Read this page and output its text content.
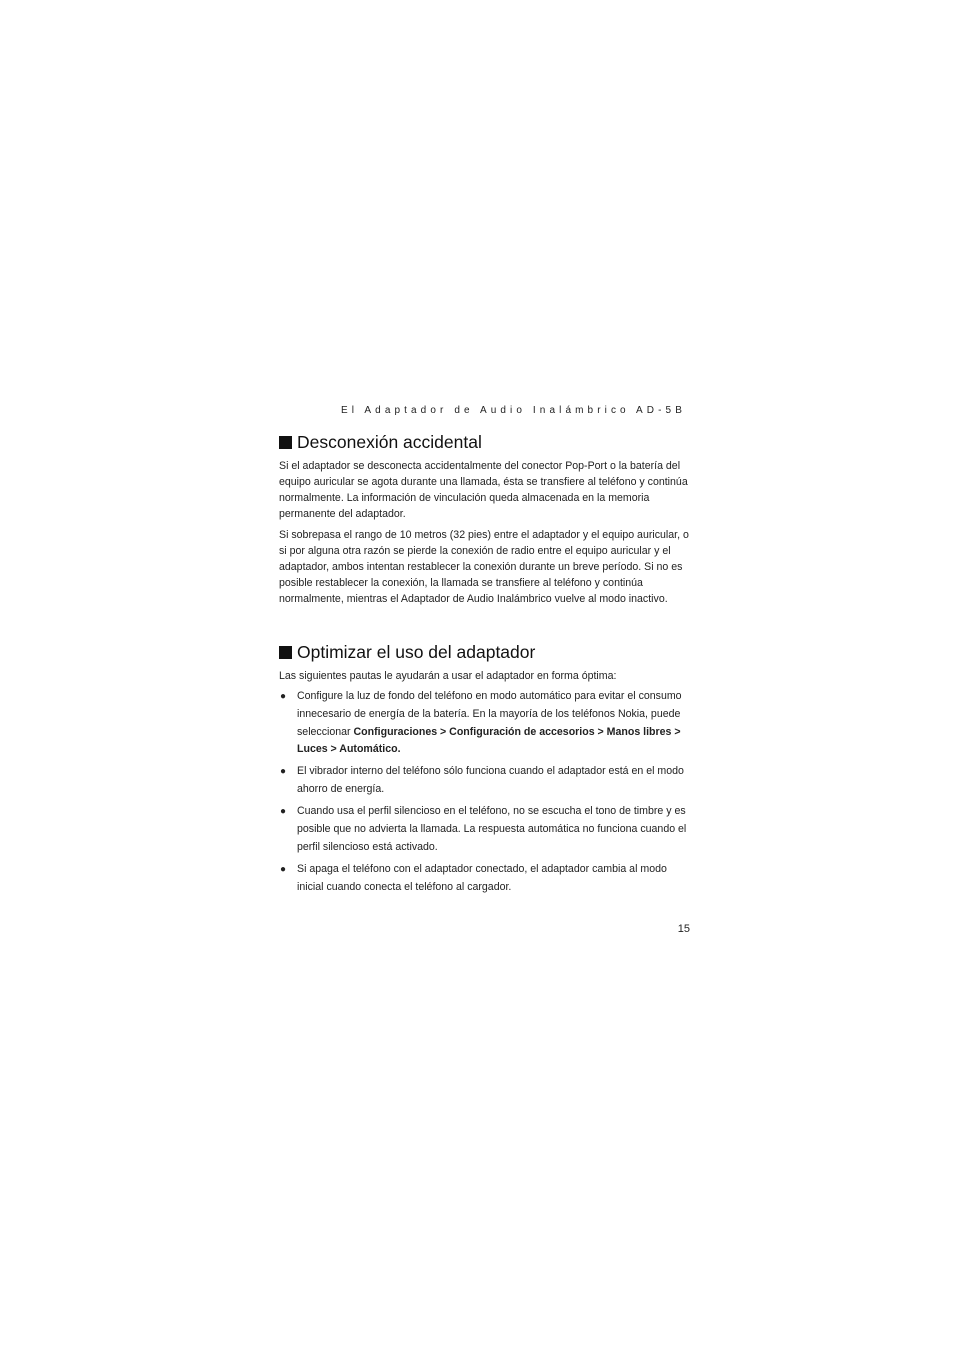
El Adaptador de Audio Inalámbrico AD-5B
Desconexión accidental

Si el adaptador se desconecta accidentalmente del conector Pop-Port o la batería del equipo auricular se agota durante una llamada, ésta se transfiere al teléfono y continúa normalmente. La información de vinculación queda almacenada en la memoria permanente del adaptador.

Si sobrepasa el rango de 10 metros (32 pies) entre el adaptador y el equipo auricular, o si por alguna otra razón se pierde la conexión de radio entre el equipo auricular y el adaptador, ambos intentan restablecer la conexión durante un breve período. Si no es posible restablecer la conexión, la llamada se transfiere al teléfono y continúa normalmente, mientras el Adaptador de Audio Inalámbrico vuelve al modo inactivo.

Optimizar el uso del adaptador

Las siguientes pautas le ayudarán a usar el adaptador en forma óptima:

● Configure la luz de fondo del teléfono en modo automático para evitar el consumo innecesario de energía de la batería. En la mayoría de los teléfonos Nokia, puede seleccionar Configuraciones > Configuración de accesorios > Manos libres > Luces > Automático.
● El vibrador interno del teléfono sólo funciona cuando el adaptador está en el modo ahorro de energía.
● Cuando usa el perfil silencioso en el teléfono, no se escucha el tono de timbre y es posible que no advierta la llamada. La respuesta automática no funciona cuando el perfil silencioso está activado.
● Si apaga el teléfono con el adaptador conectado, el adaptador cambia al modo inicial cuando conecta el teléfono al cargador.
15
